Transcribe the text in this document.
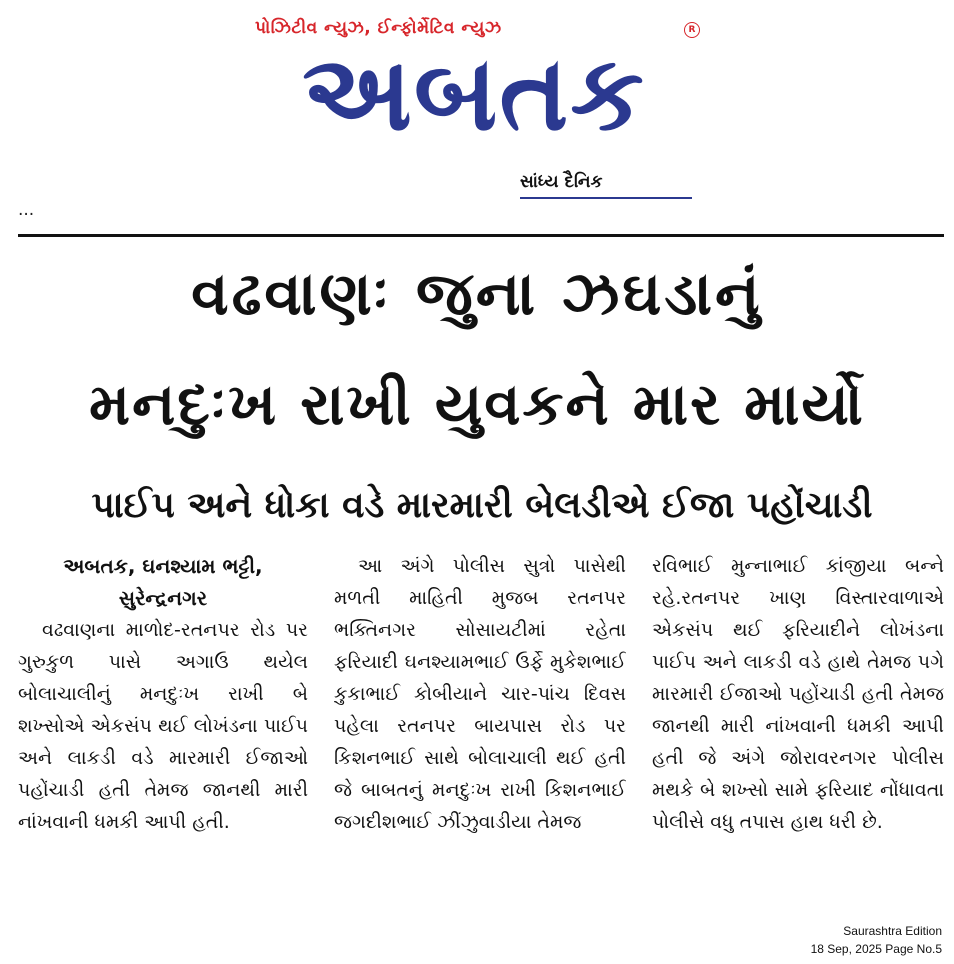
પોઝિટીવ ન્યુઝ, ઈન્ફોર્મેટિવ ન્યુઝ	R
અબતક
સાંધ્ય દૈનિક
...
વઢવાણઃ જુના ઝઘડાનું
મનદુઃખ રાખી યુવકને માર માર્યો
પાઈપ અને ધોકા વડે મારમારી બેલડીએ ઈજા પહોંચાડી
અબતક, ઘનશ્યામ ભટ્ટી,
સુરેન્દ્રનગર
વઢવાણના માળોદ-રતનપર રોડ પર ગુરુકુળ પાસે અગાઉ થયેલ બોલાચાલીનું મનદુઃખ રાખી બે શખ્સોએ એકસંપ થઈ લોખંડના પાઈપ અને લાકડી વડે મારમારી ઈજાઓ પહોંચાડી હતી તેમજ જાનથી મારી નાંખવાની ધમકી આપી હતી.
આ અંગે પોલીસ સુત્રો પાસેથી મળતી માહિતી મુજબ રતનપર ભક્તિનગર સોસાયટીમાં રહેતા ફરિયાદી ઘનશ્યામભાઈ ઉર્ફે મુકેશભાઈ કુકાભાઈ કોબીયાને ચાર-પાંચ દિવસ પહેલા રતનપર બાયપાસ રોડ પર કિશનભાઈ સાથે બોલાચાલી થઈ હતી જે બાબતનું મનદુઃખ રાખી કિશનભાઈ જગદીશભાઈ ઝીંઝુવાડીયા તેમજ
રવિભાઈ મુન્નાભાઈ કાંજીયા બન્ને રહે.રતનપર ખાણ વિસ્તારવાળાએ એકસંપ થઈ ફરિયાદીને લોખંડના પાઈપ અને લાકડી વડે હાથે તેમજ પગે મારમારી ઈજાઓ પહોંચાડી હતી તેમજ જાનથી મારી નાંખવાની ધમકી આપી હતી જે અંગે જોરાવરનગર પોલીસ મથકે બે શખ્સો સામે ફરિયાદ નોંધાવતા પોલીસે વધુ તપાસ હાથ ધરી છે.
Saurashtra Edition
18 Sep, 2025 Page No.5
